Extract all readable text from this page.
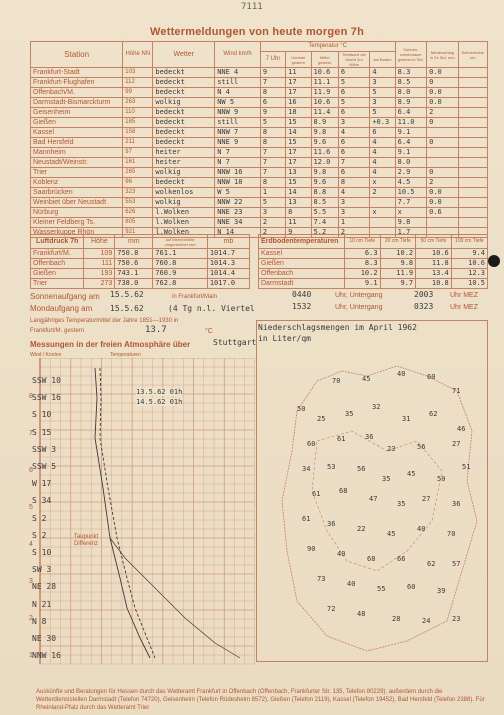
7111
Wettermeldungen von heute morgen 7h
Station	Höhe NN	Wetter	Wind km/h	Temperatur °C					Sonnen-scheindauer gestern in Std.	Niederschlag in 24 Std. mm	Schneehöhe cm
				7 Uhr	höchste gestern	Mittel gestern	Tiefstwert der Nacht 2m Höhe	am Boden			
Frankfurt-Stadt	103	bedeckt	NNE 4	9	11	10.6	6	4	8.3	0.0	
Frankfurt-Flughafen	112	bedeckt	still	7	17	11.1	5	3	8.5	0	
Offenbach/M.	99	bedeckt	N 4	8	17	11.9	6	5	8.0	0.0	
Darmstadt-Bismarckturm	263	wolkig	NW 5	6	16	10.6	5	3	8.9	0.0	
Geisenheim	110	bedeckt	NNW 9	9	18	11.4	6	5	6.4	2	
Gießen	185	bedeckt	still	5	15	8.9	3	+0.3	11.0	0	
Kassel	158	bedeckt	NNW 7	8	14	9.8	4	6	9.1		
Bad Hersfeld	211	bedeckt	NNE 9	8	15	9.6	6	4	6.4	0	
Mannheim	97	heiter	N 7	7	17	11.6	6	4	9.1		
Neustadt/Weinstr.	161	heiter	N 7	7	17	12.0	7	4	8.0		
Trier	265	wolkig	NNW 16	7	13	9.8	6	4	2.9	0	
Koblenz	96	bedeckt	NNW 18	8	15	9.6	8	x	4.5	2	
Saarbrücken	323	wolkenlos	W 5	1	14	8.8	4	2	10.5	0.0	
Weinbiet über Neustadt	553	wolkig	NNW 22	5	13	8.5	3		7.7	0.0	
Nürburg	626	l.Wolken	NNE 23	3	8	5.5	3	x	x	0.6	
Kleiner Feldberg Ts.	805	l.Wolken	NNE 34	2	11	7.4	1		9.8		
Wasserkuppe Rhön	921	l.Wolken	N 14	2	9	5.2	2		1.7		
Luftdruck 7h	Höhe	mm	auf Meereshöhe umgerechnet mm	mb
Frankfurt/M.	109	750.8	761.1	1014.7
Offenbach	111	750.6	760.8	1014.3
Gießen	193	743.1	760.9	1014.4
Trier	273	738.0	762.8	1017.0
Erdbodentemperaturen	10 cm Tiefe	20 cm Tiefe	50 cm Tiefe	100 cm Tiefe
Kassel	6.3	10.2	10.6	9.4
Gießen	8.3	9.8	11.8	10.6
Offenbach	10.2	11.9	13.4	12.3
Darmstadt	9.1	9.7	10.8	10.5
Sonnenaufgang am 15.5.62	in Frankfurt/Main	0440	Uhr, Untergang	2003 Uhr MEZ
Mondaufgang am 15.5.62	(4 Tg n.l. Viertel	1532	Uhr, Untergang	0323 Uhr MEZ
Langjähriges Temperaturmittel der Jahre 1851—1930 in
Frankfurt/M. gestern	13.7	°C
Messungen in der freien Atmosphäre über	Stuttgart
Wind / Knoten	Temperaturen
8
7
6
5
4
3
2
1
SSW 10
SSW 16
S 10
S 15
SSW 3
SSW 5
W 17
S 34
S 2
S 2
S 10
SW 3
NE 28
N 21
N 8
NE 30
NNW 16
13.5.62 01h
14.5.62 01h
Taupunkt Differenz
50
70	45
40	60
71
25
35
32
31
62
46
60
61	36
23	56	27
34 53	56
35
45
50
51
61	68
47
35
27
36
61
36
22
45
40
70
90
40
68	66
62 57
73
40
55	60	39
72
48
28	24	23
Niederschlagsmengen im April 1962
in Liter/qm
Auskünfte und Beratungen für Hessen durch das Wetteramt Frankfurt in Offenbach (Offenbach, Frankfurter Str. 135, Telefon 80229), außerdem durch die Wetterdienststellen Darmstadt (Telefon 74720), Geisenheim (Telefon Rüdesheim 8572), Gießen (Telefon 2119), Kassel (Telefon 19452), Bad Hersfeld (Telefon 2388). Für Rheinland-Pfalz durch das Wetteramt Trier
